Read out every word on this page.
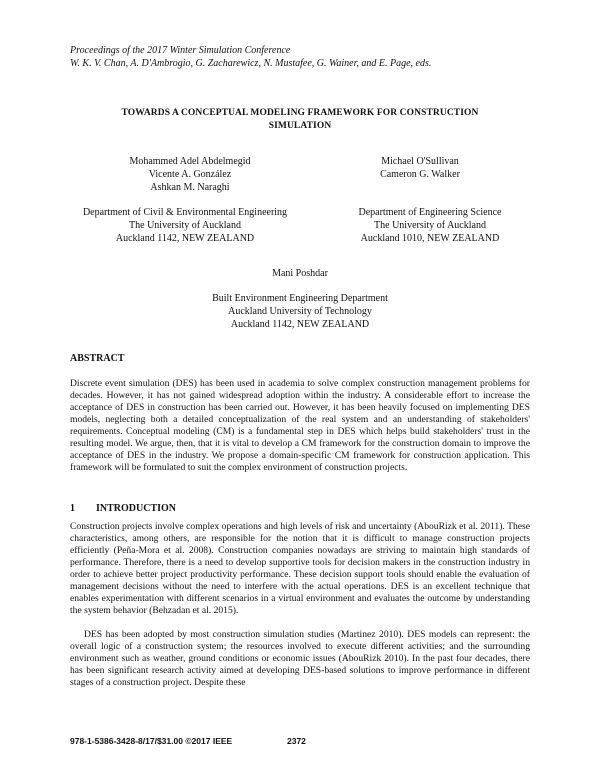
Proceedings of the 2017 Winter Simulation Conference
W. K. V. Chan, A. D'Ambrogio, G. Zacharewicz, N. Mustafee, G. Wainer, and E. Page, eds.
TOWARDS A CONCEPTUAL MODELING FRAMEWORK FOR CONSTRUCTION
SIMULATION
Mohammed Adel Abdelmegid
Vicente A. González
Ashkan M. Naraghi
Michael O'Sullivan
Cameron G. Walker
Department of Civil & Environmental Engineering
The University of Auckland
Auckland 1142, NEW ZEALAND
Department of Engineering Science
The University of Auckland
Auckland 1010, NEW ZEALAND
Mani Poshdar
Built Environment Engineering Department
Auckland University of Technology
Auckland 1142, NEW ZEALAND
ABSTRACT

Discrete event simulation (DES) has been used in academia to solve complex construction management problems for decades. However, it has not gained widespread adoption within the industry. A considerable effort to increase the acceptance of DES in construction has been carried out. However, it has been heavily focused on implementing DES models, neglecting both a detailed conceptualization of the real system and an understanding of stakeholders' requirements. Conceptual modeling (CM) is a fundamental step in DES which helps build stakeholders' trust in the resulting model. We argue, then, that it is vital to develop a CM framework for the construction domain to improve the acceptance of DES in the industry. We propose a domain-specific CM framework for construction application. This framework will be formulated to suit the complex environment of construction projects.

1 INTRODUCTION

Construction projects involve complex operations and high levels of risk and uncertainty (AbouRizk et al. 2011). These characteristics, among others, are responsible for the notion that it is difficult to manage construction projects efficiently (Peña-Mora et al. 2008). Construction companies nowadays are striving to maintain high standards of performance. Therefore, there is a need to develop supportive tools for decision makers in the construction industry in order to achieve better project productivity performance. These decision support tools should enable the evaluation of management decisions without the need to interfere with the actual operations. DES is an excellent technique that enables experimentation with different scenarios in a virtual environment and evaluates the outcome by understanding the system behavior (Behzadan et al. 2015).

DES has been adopted by most construction simulation studies (Martinez 2010). DES models can represent: the overall logic of a construction system; the resources involved to execute different activities; and the surrounding environment such as weather, ground conditions or economic issues (AbouRizk 2010). In the past four decades, there has been significant research activity aimed at developing DES-based solutions to improve performance in different stages of a construction project. Despite these

978-1-5386-3428-8/17/$31.00 ©2017 IEEE	2372
